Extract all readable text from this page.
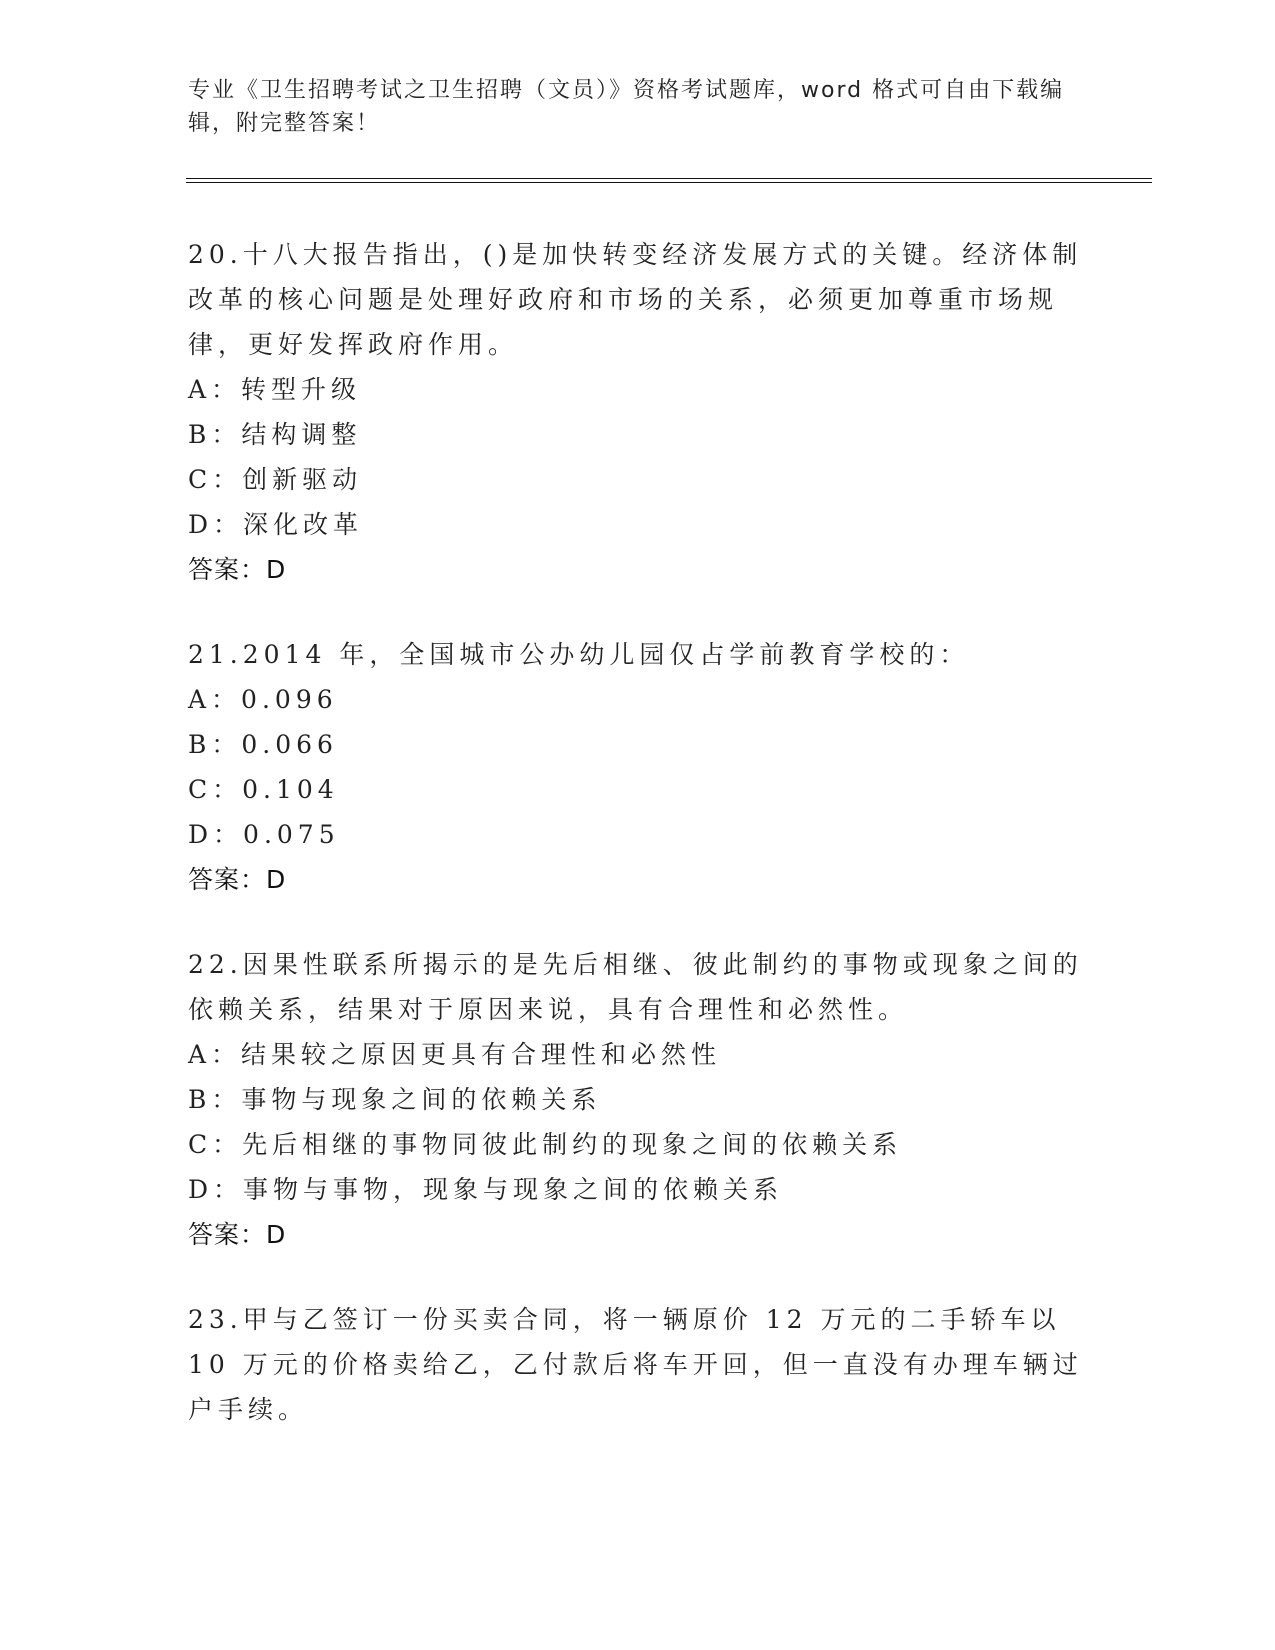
专业《卫生招聘考试之卫生招聘（文员）》资格考试题库，word 格式可自由下载编辑，附完整答案！

20.十八大报告指出，()是加快转变经济发展方式的关键。经济体制改革的核心问题是处理好政府和市场的关系，必须更加尊重市场规律，更好发挥政府作用。

A：转型升级

B：结构调整

C：创新驱动

D：深化改革

答案：D

21.2014 年，全国城市公办幼儿园仅占学前教育学校的：

A：0.096

B：0.066

C：0.104

D：0.075

答案：D

22.因果性联系所揭示的是先后相继、彼此制约的事物或现象之间的依赖关系，结果对于原因来说，具有合理性和必然性。

A：结果较之原因更具有合理性和必然性

B：事物与现象之间的依赖关系

C：先后相继的事物同彼此制约的现象之间的依赖关系

D：事物与事物，现象与现象之间的依赖关系

答案：D

23.甲与乙签订一份买卖合同，将一辆原价 12 万元的二手轿车以 10 万元的价格卖给乙，乙付款后将车开回，但一直没有办理车辆过户手续。
